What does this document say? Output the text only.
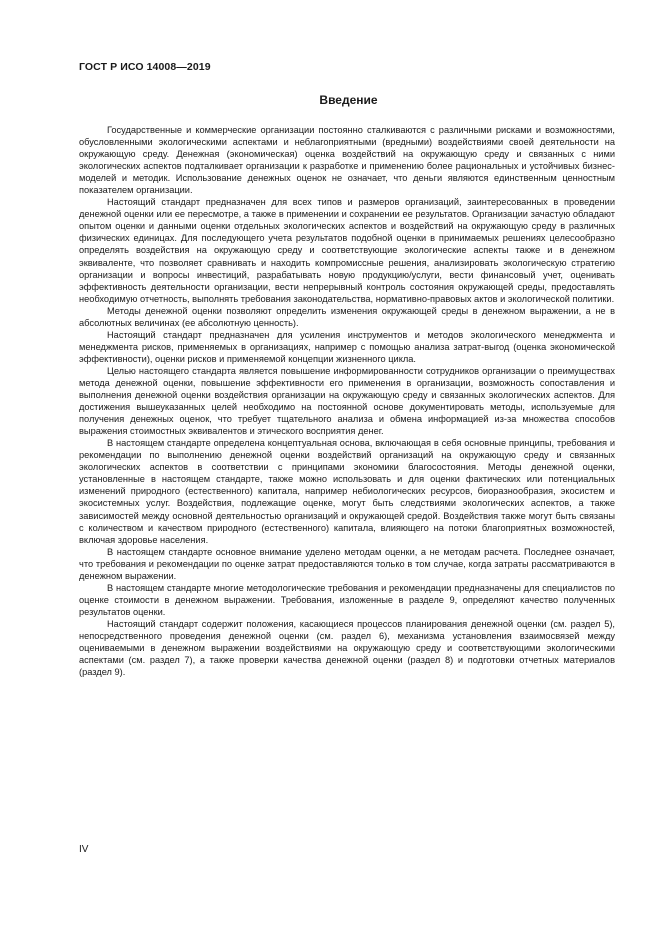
ГОСТ Р ИСО 14008—2019
Введение

Государственные и коммерческие организации постоянно сталкиваются с различными рисками и возможностями, обусловленными экологическими аспектами и неблагоприятными (вредными) воздействиями своей деятельности на окружающую среду. Денежная (экономическая) оценка воздействий на окружающую среду и связанных с ними экологических аспектов подталкивает организации к разработке и применению более рациональных и устойчивых бизнес-моделей и методик. Использование денежных оценок не означает, что деньги являются единственным ценностным показателем организации.

Настоящий стандарт предназначен для всех типов и размеров организаций, заинтересованных в проведении денежной оценки или ее пересмотре, а также в применении и сохранении ее результатов. Организации зачастую обладают опытом оценки и данными оценки отдельных экологических аспектов и воздействий на окружающую среду в различных физических единицах. Для последующего учета результатов подобной оценки в принимаемых решениях целесообразно определять воздействия на окружающую среду и соответствующие экологические аспекты также и в денежном эквиваленте, что позволяет сравнивать и находить компромиссные решения, анализировать экологическую стратегию организации и вопросы инвестиций, разрабатывать новую продукцию/услуги, вести финансовый учет, оценивать эффективность деятельности организации, вести непрерывный контроль состояния окружающей среды, предоставлять необходимую отчетность, выполнять требования законодательства, нормативно-правовых актов и экологической политики.

Методы денежной оценки позволяют определить изменения окружающей среды в денежном выражении, а не в абсолютных величинах (ее абсолютную ценность).

Настоящий стандарт предназначен для усиления инструментов и методов экологического менеджмента и менеджмента рисков, применяемых в организациях, например с помощью анализа затрат-выгод (оценка экономической эффективности), оценки рисков и применяемой концепции жизненного цикла.

Целью настоящего стандарта является повышение информированности сотрудников организации о преимуществах метода денежной оценки, повышение эффективности его применения в организации, возможность сопоставления и выполнения денежной оценки воздействия организации на окружающую среду и связанных экологических аспектов. Для достижения вышеуказанных целей необходимо на постоянной основе документировать методы, используемые для получения денежных оценок, что требует тщательного анализа и обмена информацией из-за множества способов выражения стоимостных эквивалентов и этического восприятия денег.

В настоящем стандарте определена концептуальная основа, включающая в себя основные принципы, требования и рекомендации по выполнению денежной оценки воздействий организаций на окружающую среду и связанных экологических аспектов в соответствии с принципами экономики благосостояния. Методы денежной оценки, установленные в настоящем стандарте, также можно использовать и для оценки фактических или потенциальных изменений природного (естественного) капитала, например небиологических ресурсов, биоразнообразия, экосистем и экосистемных услуг. Воздействия, подлежащие оценке, могут быть следствиями экологических аспектов, а также зависимостей между основной деятельностью организаций и окружающей средой. Воздействия также могут быть связаны с количеством и качеством природного (естественного) капитала, влияющего на потоки благоприятных возможностей, включая здоровье населения.

В настоящем стандарте основное внимание уделено методам оценки, а не методам расчета. Последнее означает, что требования и рекомендации по оценке затрат предоставляются только в том случае, когда затраты рассматриваются в денежном выражении.

В настоящем стандарте многие методологические требования и рекомендации предназначены для специалистов по оценке стоимости в денежном выражении. Требования, изложенные в разделе 9, определяют качество полученных результатов оценки.

Настоящий стандарт содержит положения, касающиеся процессов планирования денежной оценки (см. раздел 5), непосредственного проведения денежной оценки (см. раздел 6), механизма установления взаимосвязей между оцениваемыми в денежном выражении воздействиями на окружающую среду и соответствующими экологическими аспектами (см. раздел 7), а также проверки качества денежной оценки (раздел 8) и подготовки отчетных материалов (раздел 9).

IV
